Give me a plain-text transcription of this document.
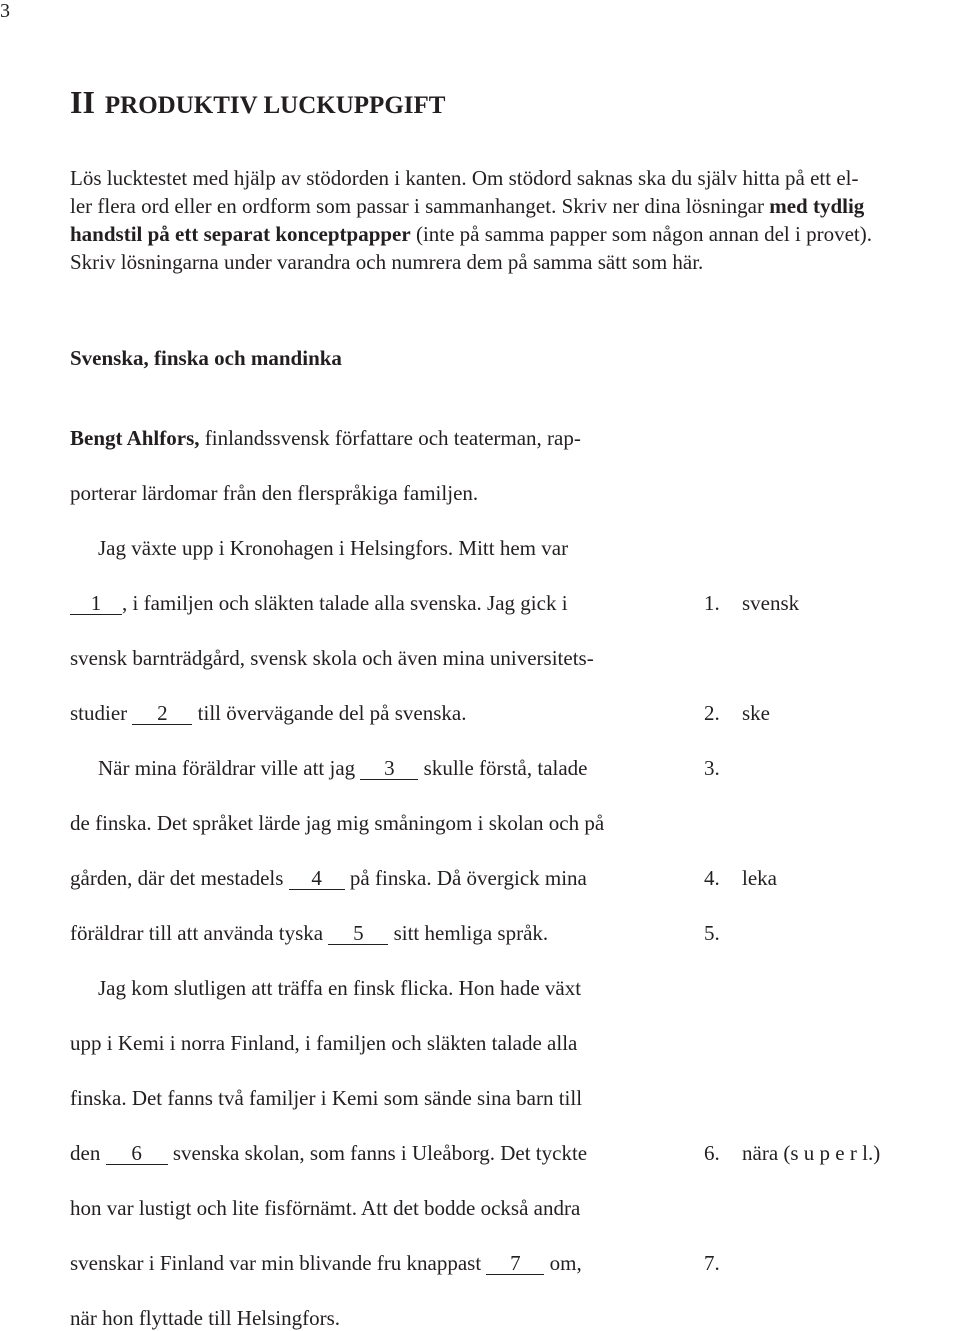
3
II PRODUKTIV LUCKUPPGIFT
Lös lucktestet med hjälp av stödorden i kanten. Om stödord saknas ska du själv hitta på ett el-
ler flera ord eller en ordform som passar i sammanhanget. Skriv ner dina lösningar med tydlig
handstil på ett separat konceptpapper (inte på samma papper som någon annan del i provet).
Skriv lösningarna under varandra och numrera dem på samma sätt som här.
Svenska, finska och mandinka
Bengt Ahlfors, finlandssvensk författare och teaterman, rap-
porterar lärdomar från den flerspråkiga familjen.
Jag växte upp i Kronohagen i Helsingfors. Mitt hem var
1 , i familjen och släkten talade alla svenska. Jag gick i
svensk barnträdgård, svensk skola och även mina universitets-
studier 2 till övervägande del på svenska.
När mina föräldrar ville att jag 3 skulle förstå, talade
de finska. Det språket lärde jag mig småningom i skolan och på
gården, där det mestadels 4 på finska. Då övergick mina
föräldrar till att använda tyska 5 sitt hemliga språk.
Jag kom slutligen att träffa en finsk flicka. Hon hade växt
upp i Kemi i norra Finland, i familjen och släkten talade alla
finska. Det fanns två familjer i Kemi som sände sina barn till
den 6 svenska skolan, som fanns i Uleåborg. Det tyckte
hon var lustigt och lite fisförnämt. Att det bodde också andra
svenskar i Finland var min blivande fru knappast 7 om,
när hon flyttade till Helsingfors.
1. svensk
2. ske
3.
4. leka
5.
6. nära (s u p e r l.)
7.
